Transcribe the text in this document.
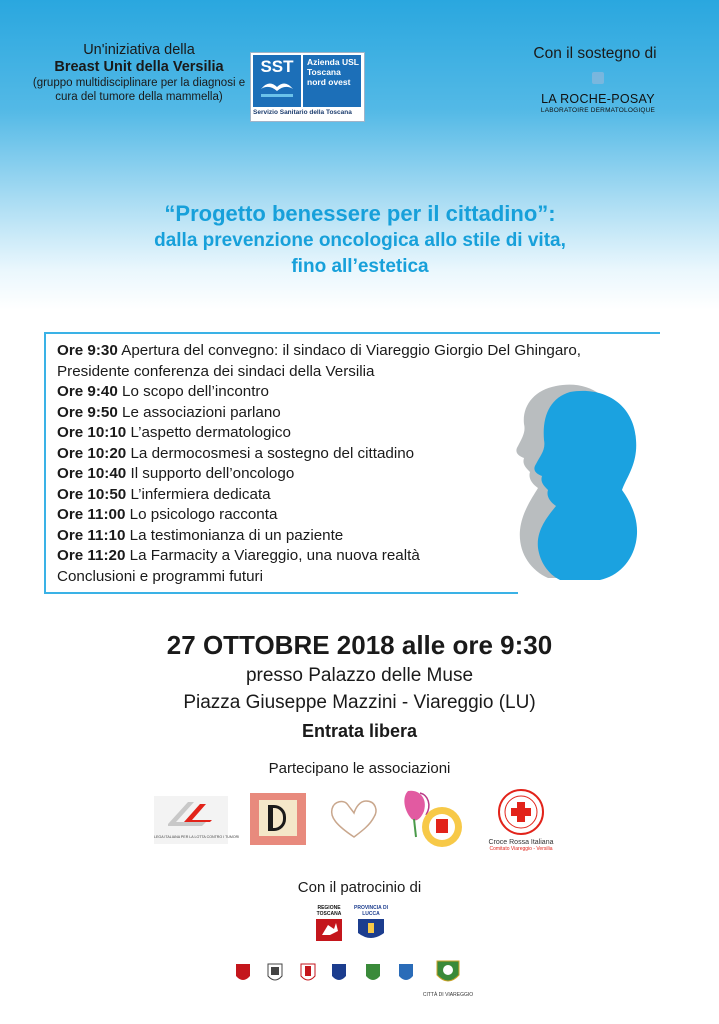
Un'iniziativa della
Breast Unit della Versilia
(gruppo multidisciplinare per la diagnosi e cura del tumore della mammella)
SST	Azienda USL Toscana nord ovest
Servizio Sanitario della Toscana
Con il sostegno di
LA ROCHE-POSAY
LABORATOIRE DERMATOLOGIQUE
“Progetto benessere per il cittadino”:
dalla prevenzione oncologica allo stile di vita,
fino all’estetica
Ore 9:30 Apertura del convegno: il sindaco di Viareggio Giorgio Del Ghingaro,
Presidente conferenza dei sindaci della Versilia
Ore 9:40 Lo scopo dell’incontro
Ore 9:50 Le associazioni parlano
Ore 10:10 L’aspetto dermatologico
Ore 10:20 La dermocosmesi a sostegno del cittadino
Ore 10:40 Il supporto dell’oncologo
Ore 10:50 L’infermiera dedicata
Ore 11:00 Lo psicologo racconta
Ore 11:10 La testimonianza di un paziente
Ore 11:20 La Farmacity a Viareggio, una nuova realtà
Conclusioni e programmi futuri
27 OTTOBRE 2018 alle ore 9:30
presso Palazzo delle Muse
Piazza Giuseppe Mazzini - Viareggio (LU)
Entrata libera
Partecipano le associazioni
LEGA ITALIANA PER LA LOTTA CONTRO I TUMORI
Croce Rossa Italiana
Comitato Viareggio - Versilia
Con il patrocinio di
REGIONE TOSCANA
PROVINCIA DI LUCCA
CITTÀ DI VIAREGGIO
